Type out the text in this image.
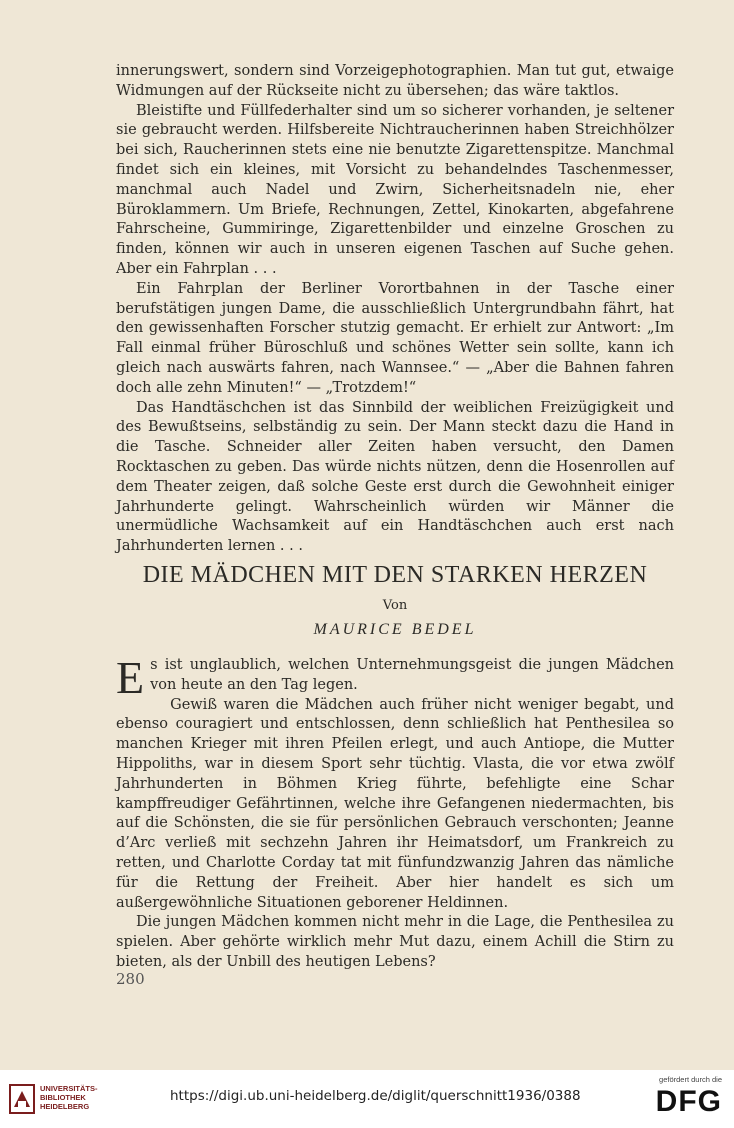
innerungswert, sondern sind Vorzeigephotographien. Man tut gut, etwaige Widmungen auf der Rückseite nicht zu übersehen; das wäre taktlos.

Bleistifte und Füllfederhalter sind um so sicherer vorhanden, je seltener sie gebraucht werden. Hilfsbereite Nichtraucherinnen haben Streichhölzer bei sich, Raucherinnen stets eine nie benutzte Zigarettenspitze. Manchmal findet sich ein kleines, mit Vorsicht zu behandelndes Taschenmesser, manchmal auch Nadel und Zwirn, Sicherheitsnadeln nie, eher Büroklammern. Um Briefe, Rechnungen, Zettel, Kinokarten, abgefahrene Fahrscheine, Gummiringe, Zigarettenbilder und einzelne Groschen zu finden, können wir auch in unseren eigenen Taschen auf Suche gehen. Aber ein Fahrplan . . .

Ein Fahrplan der Berliner Vorortbahnen in der Tasche einer berufstätigen jungen Dame, die ausschließlich Untergrundbahn fährt, hat den gewissenhaften Forscher stutzig gemacht. Er erhielt zur Antwort: „Im Fall einmal früher Büroschluß und schönes Wetter sein sollte, kann ich gleich nach auswärts fahren, nach Wannsee.“ — „Aber die Bahnen fahren doch alle zehn Minuten!“ — „Trotzdem!“

Das Handtäschchen ist das Sinnbild der weiblichen Freizügigkeit und des Bewußtseins, selbständig zu sein. Der Mann steckt dazu die Hand in die Tasche. Schneider aller Zeiten haben versucht, den Damen Rocktaschen zu geben. Das würde nichts nützen, denn die Hosenrollen auf dem Theater zeigen, daß solche Geste erst durch die Gewohnheit einiger Jahrhunderte gelingt. Wahrscheinlich würden wir Männer die unermüdliche Wachsamkeit auf ein Handtäschchen auch erst nach Jahrhunderten lernen . . .

DIE MÄDCHEN MIT DEN STARKEN HERZEN
Von
MAURICE BEDEL

Es ist unglaublich, welchen Unternehmungsgeist die jungen Mädchen von heute an den Tag legen.

Gewiß waren die Mädchen auch früher nicht weniger begabt, und ebenso couragiert und entschlossen, denn schließlich hat Penthesilea so manchen Krieger mit ihren Pfeilen erlegt, und auch Antiope, die Mutter Hippoliths, war in diesem Sport sehr tüchtig. Vlasta, die vor etwa zwölf Jahrhunderten in Böhmen Krieg führte, befehligte eine Schar kampffreudiger Gefährtinnen, welche ihre Gefangenen niedermachten, bis auf die Schönsten, die sie für persönlichen Gebrauch verschonten; Jeanne d’Arc verließ mit sechzehn Jahren ihr Heimatsdorf, um Frankreich zu retten, und Charlotte Corday tat mit fünfundzwanzig Jahren das nämliche für die Rettung der Freiheit. Aber hier handelt es sich um außergewöhnliche Situationen geborener Heldinnen.

Die jungen Mädchen kommen nicht mehr in die Lage, die Penthesilea zu spielen. Aber gehörte wirklich mehr Mut dazu, einem Achill die Stirn zu bieten, als der Unbill des heutigen Lebens?

280
UNIVERSITÄTS-
BIBLIOTHEK
HEIDELBERG
https://digi.ub.uni-heidelberg.de/diglit/querschnitt1936/0388
gefördert durch die
DFG
